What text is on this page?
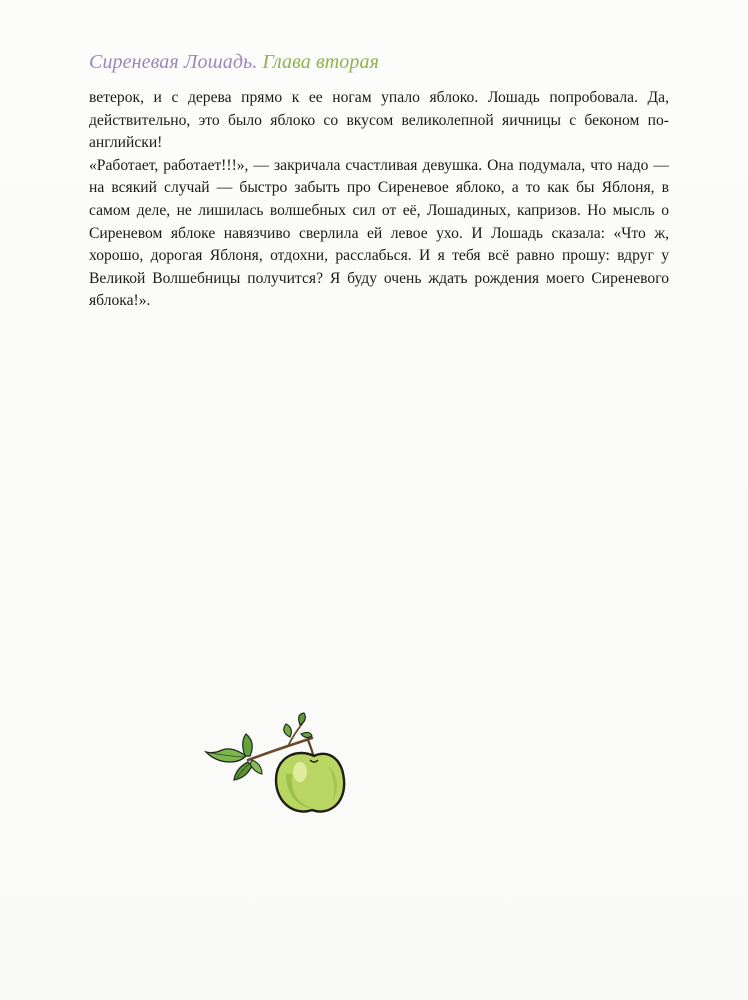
Сиреневая Лошадь. Глава вторая

ветерок, и с дерева прямо к ее ногам упало яблоко. Лошадь попробовала. Да, действительно, это было яблоко со вкусом великолепной яичницы с беконом по-английски!

«Работает, работает!!!», — закричала счастливая девушка. Она подумала, что надо — на всякий случай — быстро забыть про Сиреневое яблоко, а то как бы Яблоня, в самом деле, не лишилась волшебных сил от её, Лошадиных, капризов. Но мысль о Сиреневом яблоке навязчиво сверлила ей левое ухо. И Лошадь сказала: «Что ж, хорошо, дорогая Яблоня, отдохни, расслабься. И я тебя всё равно прошу: вдруг у Великой Волшебницы получится? Я буду очень ждать рождения моего Сиреневого яблока!».
